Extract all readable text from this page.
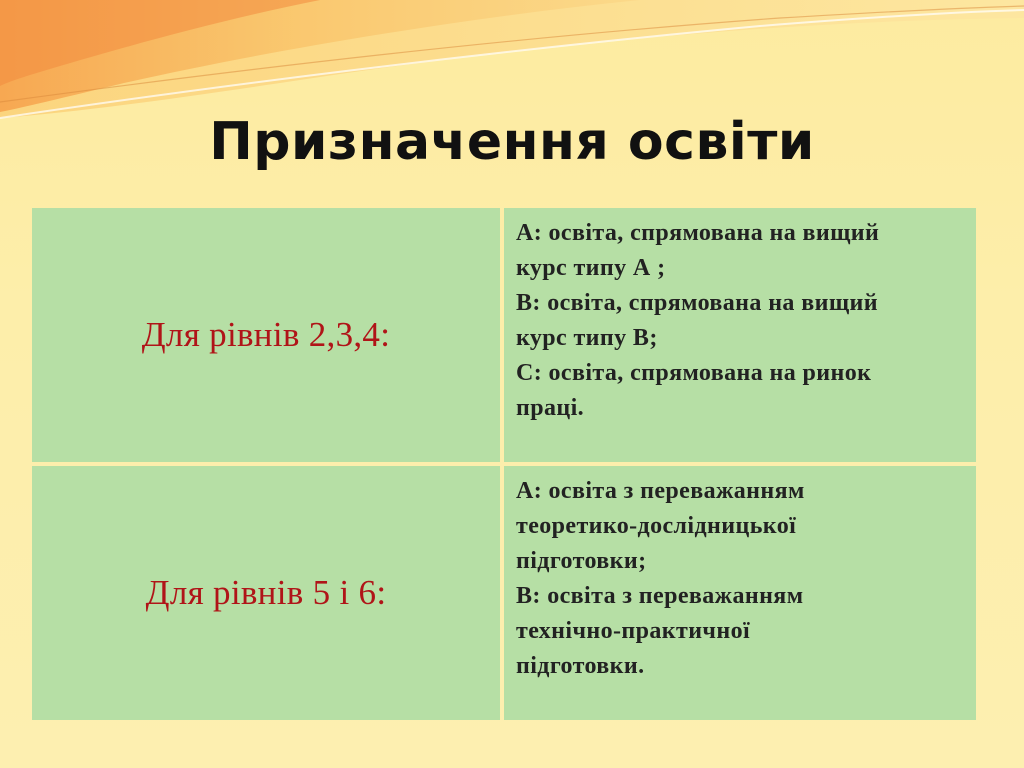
Призначення освіти
Для рівнів 2,3,4:
A: освіта, спрямована на вищий
курс типу А ;
B: освіта, спрямована на вищий
курс типу В;
C: освіта, спрямована на ринок
праці.
Для рівнів 5 і 6:
A: освіта з переважанням
теоретико-дослідницької
підготовки;
B: освіта з переважанням
технічно-практичної
підготовки.
